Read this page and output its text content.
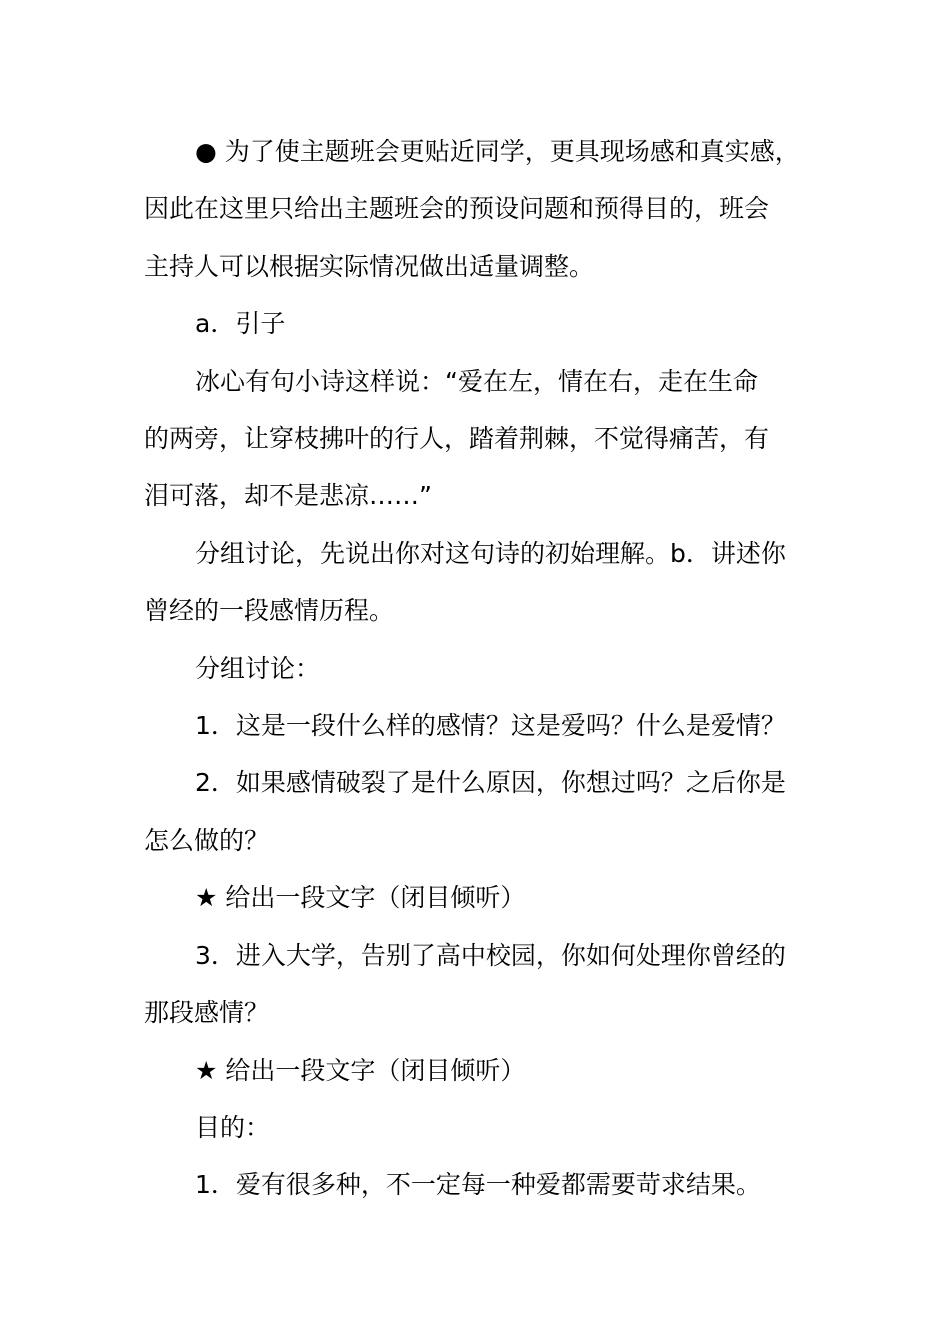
● 为了使主题班会更贴近同学，更具现场感和真实感，
因此在这里只给出主题班会的预设问题和预得目的，班会
主持人可以根据实际情况做出适量调整。
a．引子
冰心有句小诗这样说：“爱在左，情在右，走在生命
的两旁，让穿枝拂叶的行人，踏着荆棘，不觉得痛苦，有
泪可落，却不是悲凉……”
分组讨论，先说出你对这句诗的初始理解。b．讲述你
曾经的一段感情历程。
分组讨论：
1．这是一段什么样的感情？这是爱吗？什么是爱情？
2．如果感情破裂了是什么原因，你想过吗？之后你是
怎么做的？
★ 给出一段文字（闭目倾听）
3．进入大学，告别了高中校园，你如何处理你曾经的
那段感情？
★ 给出一段文字（闭目倾听）
目的：
1．爱有很多种，不一定每一种爱都需要苛求结果。
